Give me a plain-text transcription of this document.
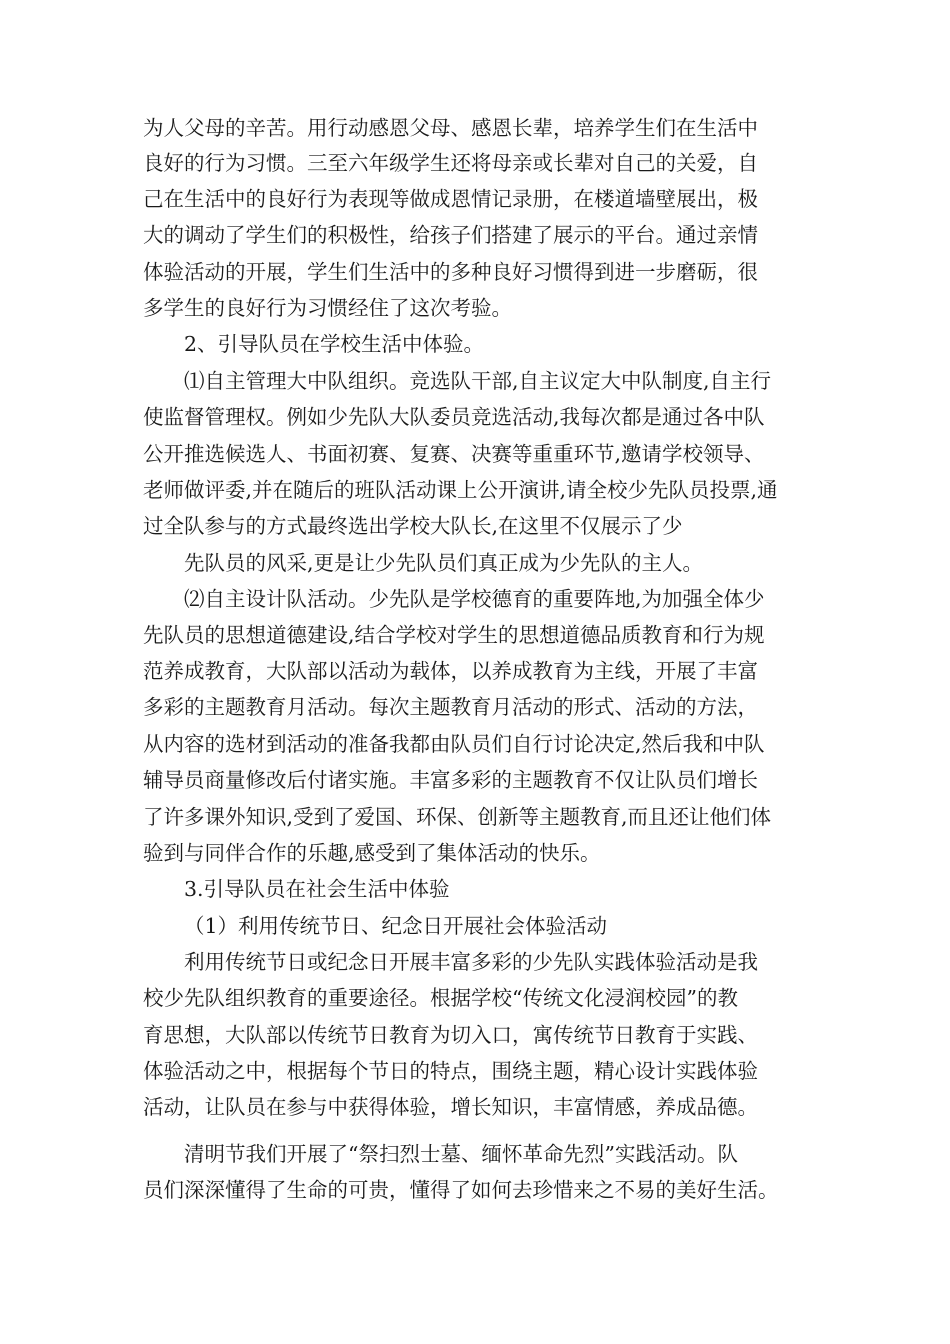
为人父母的辛苦。用行动感恩父母、感恩长辈，培养学生们在生活中
良好的行为习惯。三至六年级学生还将母亲或长辈对自己的关爱，自
己在生活中的良好行为表现等做成恩情记录册，在楼道墙壁展出，极
大的调动了学生们的积极性，给孩子们搭建了展示的平台。通过亲情
体验活动的开展，学生们生活中的多种良好习惯得到进一步磨砺，很
多学生的良好行为习惯经住了这次考验。
2、引导队员在学校生活中体验。
⑴自主管理大中队组织。竞选队干部,自主议定大中队制度,自主行
使监督管理权。例如少先队大队委员竞选活动,我每次都是通过各中队
公开推选候选人、书面初赛、复赛、决赛等重重环节,邀请学校领导、
老师做评委,并在随后的班队活动课上公开演讲,请全校少先队员投票,通
过全队参与的方式最终选出学校大队长,在这里不仅展示了少
先队员的风采,更是让少先队员们真正成为少先队的主人。
⑵自主设计队活动。少先队是学校德育的重要阵地,为加强全体少
先队员的思想道德建设,结合学校对学生的思想道德品质教育和行为规
范养成教育，大队部以活动为载体，以养成教育为主线，开展了丰富
多彩的主题教育月活动。每次主题教育月活动的形式、活动的方法，
从内容的选材到活动的准备我都由队员们自行讨论决定,然后我和中队
辅导员商量修改后付诸实施。丰富多彩的主题教育不仅让队员们增长
了许多课外知识,受到了爱国、环保、创新等主题教育,而且还让他们体
验到与同伴合作的乐趣,感受到了集体活动的快乐。
3.引导队员在社会生活中体验
（1）利用传统节日、纪念日开展社会体验活动
利用传统节日或纪念日开展丰富多彩的少先队实践体验活动是我
校少先队组织教育的重要途径。根据学校“传统文化浸润校园”的教
育思想，大队部以传统节日教育为切入口，寓传统节日教育于实践、
体验活动之中，根据每个节日的特点，围绕主题，精心设计实践体验
活动，让队员在参与中获得体验，增长知识，丰富情感，养成品德。
清明节我们开展了“祭扫烈士墓、缅怀革命先烈”实践活动。队
员们深深懂得了生命的可贵，懂得了如何去珍惜来之不易的美好生活。
